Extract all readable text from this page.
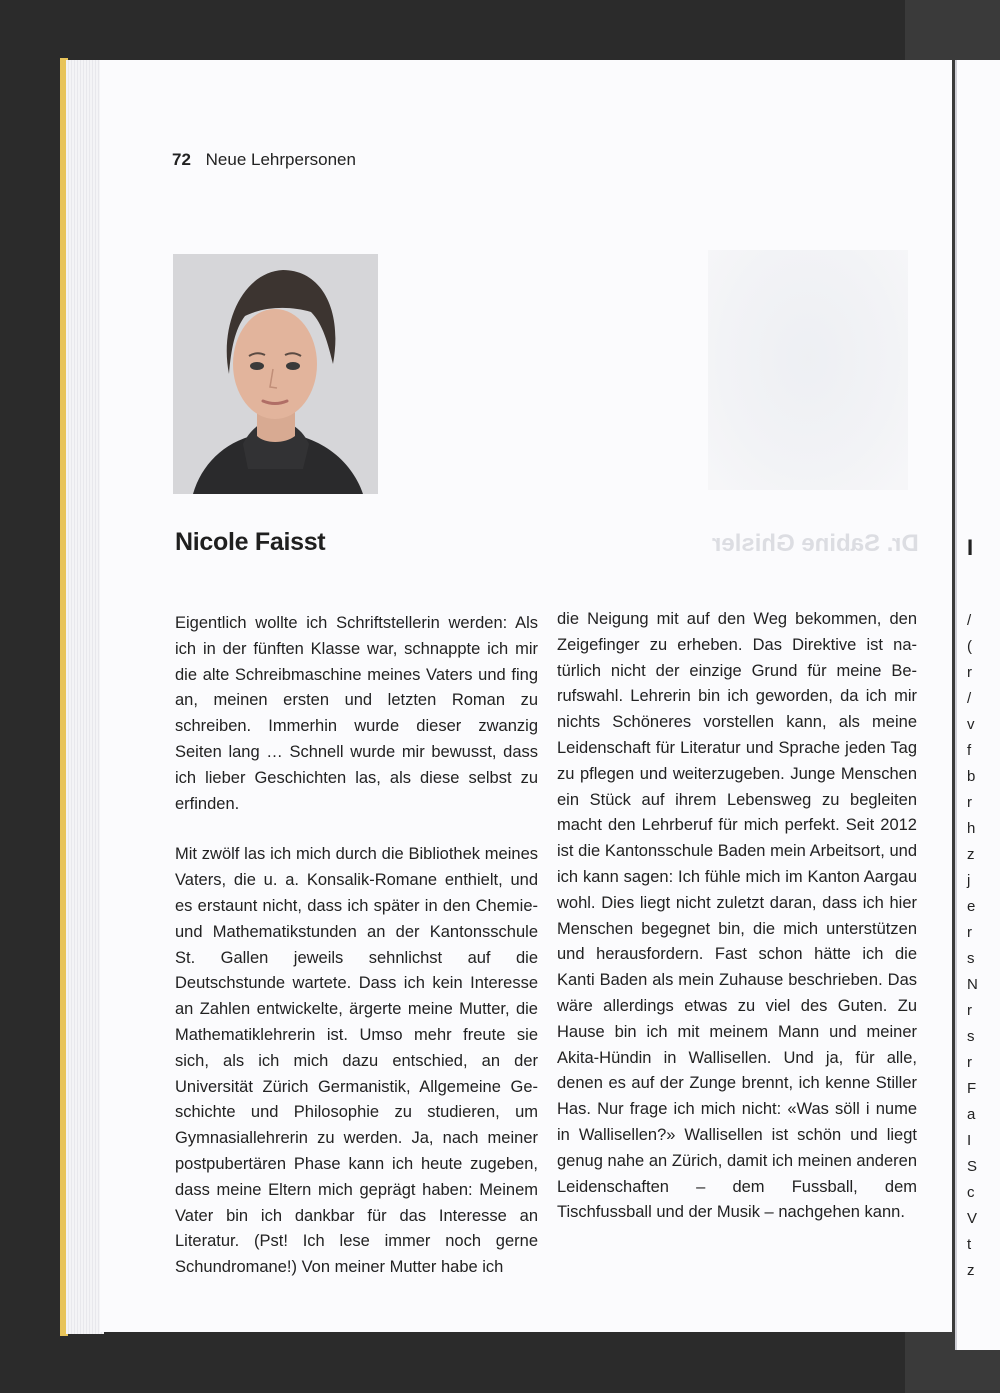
I
/
(
r
/
v
f
b
r
h
z
j
e
r
s
N
r
s
r
F
a
I
S
c
V
t
z
72 Neue Lehrpersonen
Dr. Sabine Ghisler
Nicole Faisst

Eigentlich wollte ich Schriftstellerin werden: Als ich in der fünften Klasse war, schnappte ich mir die alte Schreibmaschine meines Vaters und fing an, meinen ersten und letzten Roman zu schreiben. Immerhin wurde dieser zwanzig Seiten lang … Schnell wurde mir bewusst, dass ich lieber Geschichten las, als diese selbst zu erfinden.

Mit zwölf las ich mich durch die Bibliothek meines Vaters, die u. a. Konsalik-Romane enthielt, und es erstaunt nicht, dass ich später in den Chemie- und Mathematikstunden an der Kantonsschule St. Gallen jeweils sehnlichst auf die Deutschstunde wartete. Dass ich kein Interesse an Zahlen entwickelte, ärgerte meine Mutter, die Mathematiklehrerin ist. Umso mehr freute sie sich, als ich mich dazu entschied, an der Universität Zürich Germanistik, Allgemeine Geschichte und Philosophie zu studieren, um Gymnasiallehrerin zu werden. Ja, nach meiner postpubertären Phase kann ich heute zugeben, dass meine Eltern mich geprägt haben: Meinem Vater bin ich dankbar für das Interesse an Literatur. (Pst! Ich lese immer noch gerne Schundromane!) Von meiner Mutter habe ich

die Neigung mit auf den Weg bekommen, den Zeigefinger zu erheben. Das Direktive ist natürlich nicht der einzige Grund für meine Berufswahl. Lehrerin bin ich geworden, da ich mir nichts Schöneres vorstellen kann, als meine Leidenschaft für Literatur und Sprache jeden Tag zu pflegen und weiterzugeben. Junge Menschen ein Stück auf ihrem Lebensweg zu begleiten macht den Lehrberuf für mich perfekt. Seit 2012 ist die Kantonsschule Baden mein Arbeitsort, und ich kann sagen: Ich fühle mich im Kanton Aargau wohl. Dies liegt nicht zuletzt daran, dass ich hier Menschen begegnet bin, die mich unterstützen und herausfordern. Fast schon hätte ich die Kanti Baden als mein Zuhause beschrieben. Das wäre allerdings etwas zu viel des Guten. Zu Hause bin ich mit meinem Mann und meiner Akita-Hündin in Wallisellen. Und ja, für alle, denen es auf der Zunge brennt, ich kenne Stiller Has. Nur frage ich mich nicht: «Was söll i nume in Wallisellen?» Wallisellen ist schön und liegt genug nahe an Zürich, damit ich meinen anderen Leidenschaften – dem Fussball, dem Tischfussball und der Musik – nachgehen kann.
